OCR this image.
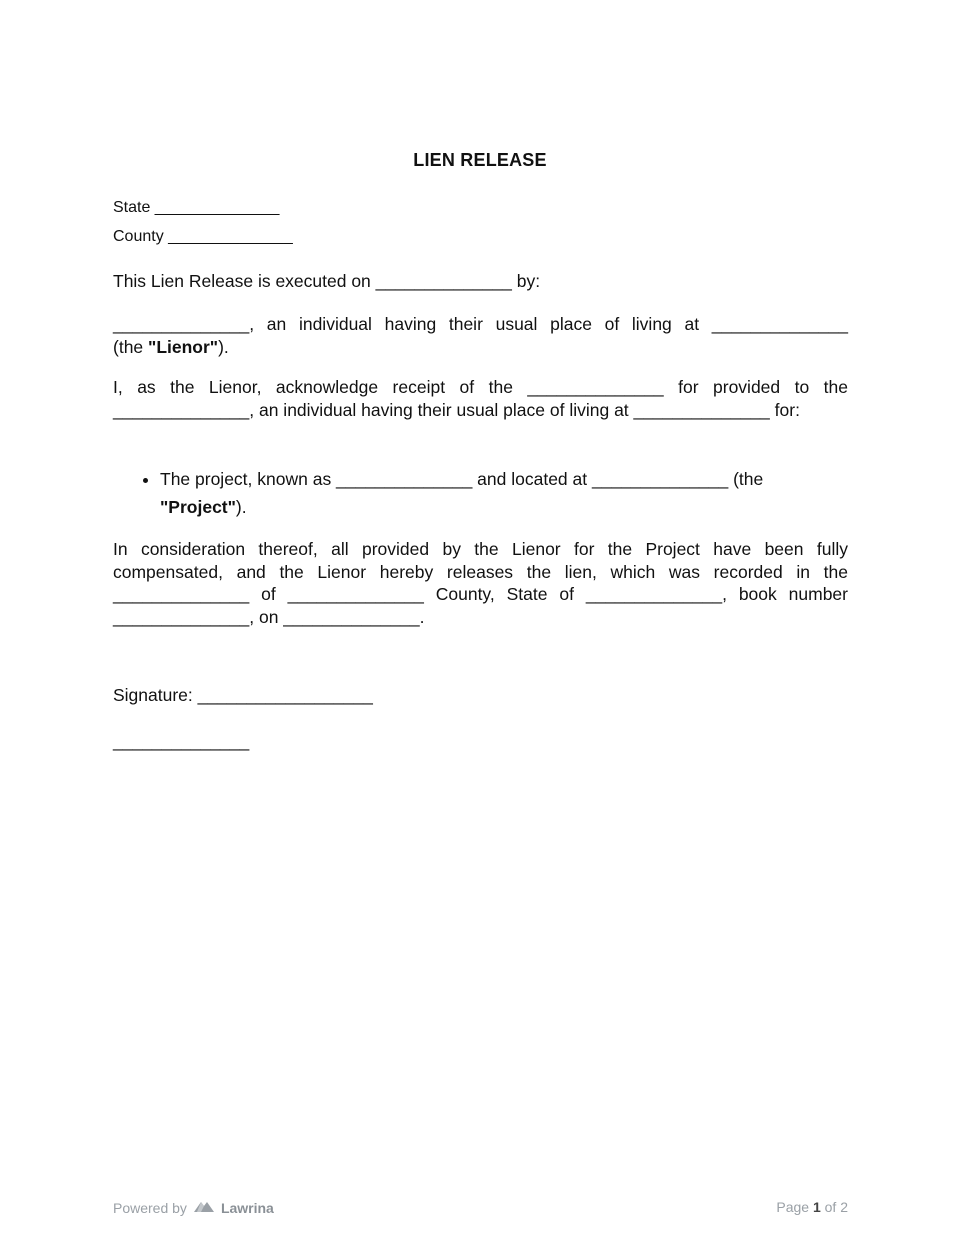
LIEN RELEASE
State ______________
County ______________
This Lien Release is executed on ______________ by:
______________, an individual having their usual place of living at ______________
(the "Lienor").
I, as the Lienor, acknowledge receipt of the ______________ for provided to the ______________, an individual having their usual place of living at ______________ for:
• The project, known as ______________ and located at ______________ (the "Project").
In consideration thereof, all provided by the Lienor for the Project have been fully compensated, and the Lienor hereby releases the lien, which was recorded in the ______________ of ______________ County, State of ______________, book number ______________, on ______________.
Signature: __________________
______________
Powered by Lawrina	Page 1 of 2
